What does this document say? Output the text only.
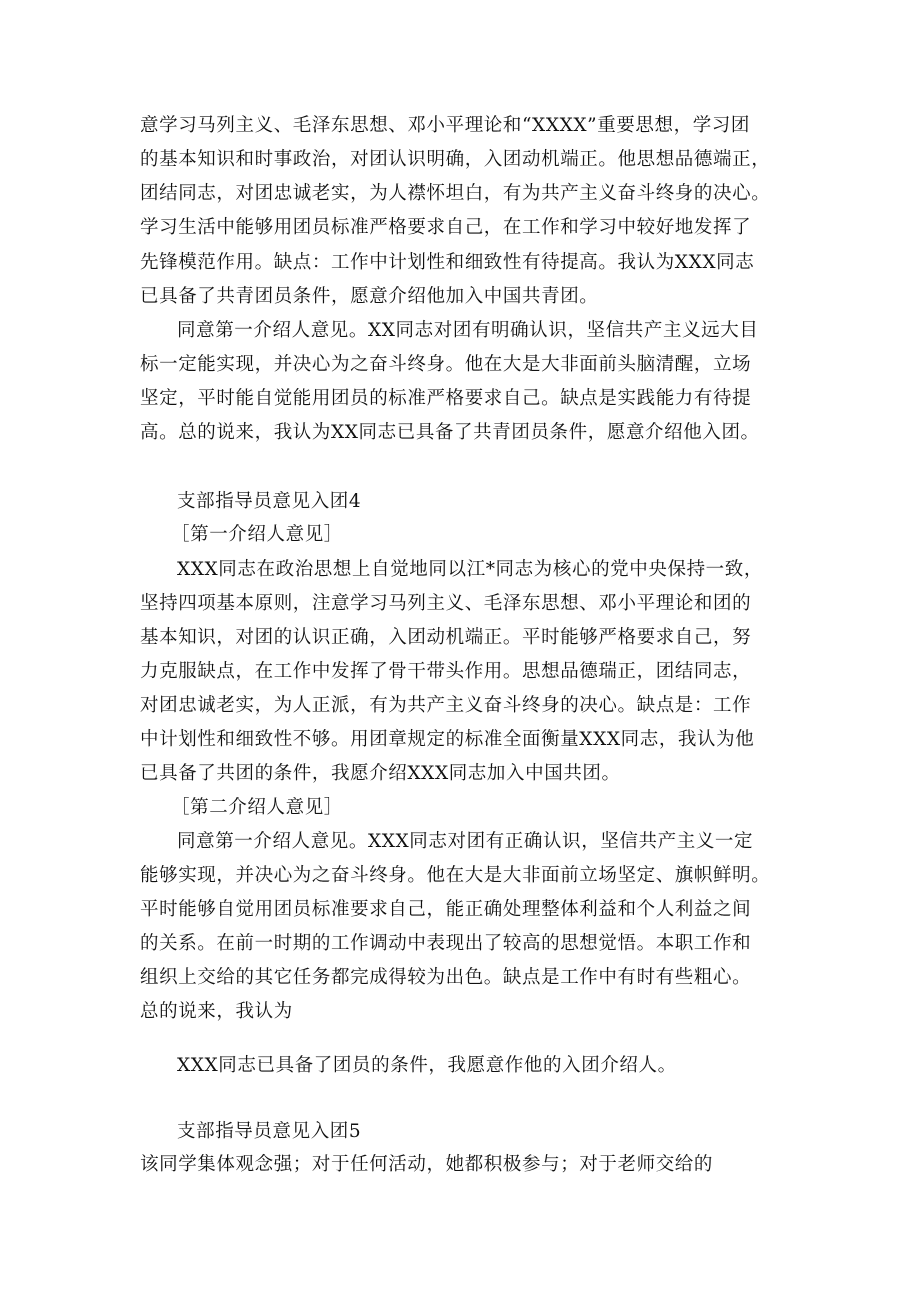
意学习马列主义、毛泽东思想、邓小平理论和“XXXX”重要思想，学习团
的基本知识和时事政治，对团认识明确，入团动机端正。他思想品德端正，
团结同志，对团忠诚老实，为人襟怀坦白，有为共产主义奋斗终身的决心。
学习生活中能够用团员标准严格要求自己，在工作和学习中较好地发挥了
先锋模范作用。缺点：工作中计划性和细致性有待提高。我认为XXX同志
已具备了共青团员条件，愿意介绍他加入中国共青团。
同意第一介绍人意见。XX同志对团有明确认识，坚信共产主义远大目
标一定能实现，并决心为之奋斗终身。他在大是大非面前头脑清醒，立场
坚定，平时能自觉能用团员的标准严格要求自己。缺点是实践能力有待提
高。总的说来，我认为XX同志已具备了共青团员条件，愿意介绍他入团。
支部指导员意见入团4
［第一介绍人意见］
XXX同志在政治思想上自觉地同以江*同志为核心的党中央保持一致，
坚持四项基本原则，注意学习马列主义、毛泽东思想、邓小平理论和团的
基本知识，对团的认识正确，入团动机端正。平时能够严格要求自己，努
力克服缺点，在工作中发挥了骨干带头作用。思想品德瑞正，团结同志，
对团忠诚老实，为人正派，有为共产主义奋斗终身的决心。缺点是：工作
中计划性和细致性不够。用团章规定的标准全面衡量XXX同志，我认为他
已具备了共团的条件，我愿介绍XXX同志加入中国共团。
［第二介绍人意见］
同意第一介绍人意见。XXX同志对团有正确认识，坚信共产主义一定
能够实现，并决心为之奋斗终身。他在大是大非面前立场坚定、旗帜鲜明。
平时能够自觉用团员标准要求自己，能正确处理整体利益和个人利益之间
的关系。在前一时期的工作调动中表现出了较高的思想觉悟。本职工作和
组织上交给的其它任务都完成得较为出色。缺点是工作中有时有些粗心。
总的说来，我认为
XXX同志已具备了团员的条件，我愿意作他的入团介绍人。
支部指导员意见入团5
该同学集体观念强；对于任何活动，她都积极参与；对于老师交给的
